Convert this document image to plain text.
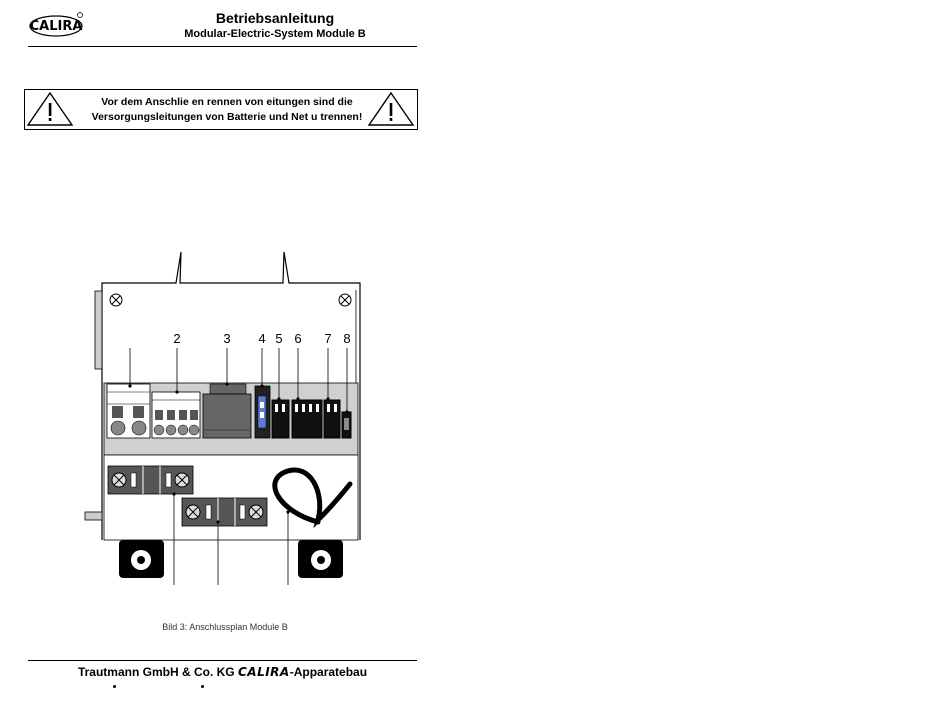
CALIRA
Betriebsanleitung
Modular-Electric-System Module B
Vor dem Anschlie en rennen von eitungen sind die
Versorgungsleitungen von Batterie und Net u trennen!
2	3 4 5 6 7 8
Bild 3: Anschlussplan Module B
Trautmann GmbH & Co. KG CALIRA-Apparatebau
